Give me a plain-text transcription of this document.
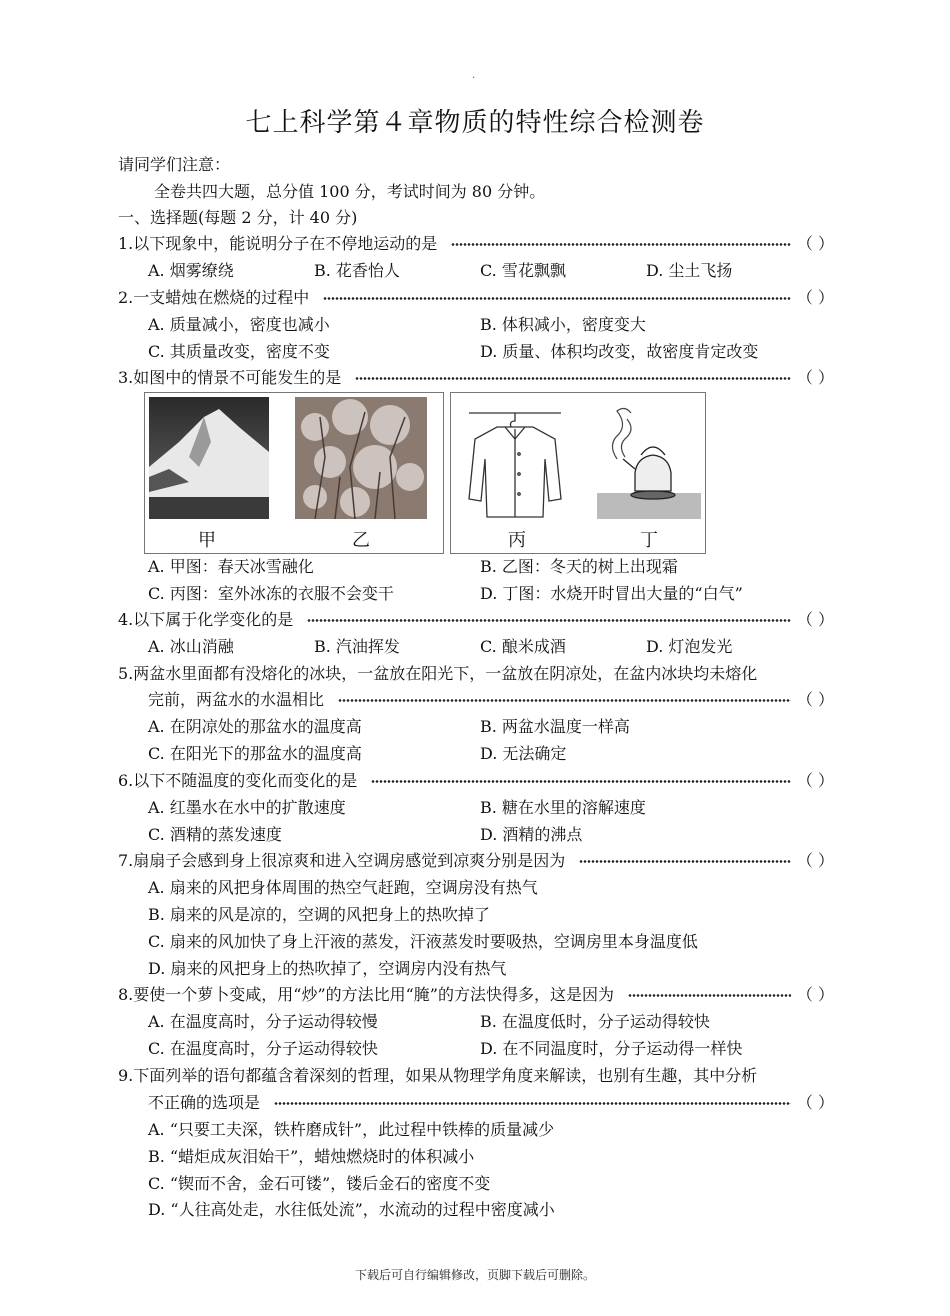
.
七上科学第４章物质的特性综合检测卷
请同学们注意：
全卷共四大题，总分值 100 分，考试时间为 80 分钟。
一、选择题(每题 2 分，计 40 分)
1.以下现象中，能说明分子在不停地运动的是	（ ）
A. 烟雾缭绕	B. 花香怡人	C. 雪花飘飘	D. 尘土飞扬
2.一支蜡烛在燃烧的过程中	（ ）
A. 质量减小，密度也减小	B. 体积减小，密度变大
C. 其质量改变，密度不变	D. 质量、体积均改变，故密度肯定改变
3.如图中的情景不可能发生的是	（ ）
甲	乙	丙	丁
A. 甲图：春天冰雪融化	B. 乙图：冬天的树上出现霜
C. 丙图：室外冰冻的衣服不会变干	D. 丁图：水烧开时冒出大量的“白气”
4.以下属于化学变化的是	（ ）
A. 冰山消融	B. 汽油挥发	C. 酿米成酒	D. 灯泡发光
5.两盆水里面都有没熔化的冰块，一盆放在阳光下，一盆放在阴凉处，在盆内冰块均未熔化
完前，两盆水的水温相比	（ ）
A. 在阴凉处的那盆水的温度高	B. 两盆水温度一样高
C. 在阳光下的那盆水的温度高	D. 无法确定
6.以下不随温度的变化而变化的是	（ ）
A. 红墨水在水中的扩散速度	B. 糖在水里的溶解速度
C. 酒精的蒸发速度	D. 酒精的沸点
7.扇扇子会感到身上很凉爽和进入空调房感觉到凉爽分别是因为	（ ）
A. 扇来的风把身体周围的热空气赶跑，空调房没有热气
B. 扇来的风是凉的，空调的风把身上的热吹掉了
C. 扇来的风加快了身上汗液的蒸发，汗液蒸发时要吸热，空调房里本身温度低
D. 扇来的风把身上的热吹掉了，空调房内没有热气
8.要使一个萝卜变咸，用“炒”的方法比用“腌”的方法快得多，这是因为	（ ）
A. 在温度高时，分子运动得较慢	B. 在温度低时，分子运动得较快
C. 在温度高时，分子运动得较快	D. 在不同温度时，分子运动得一样快
9.下面列举的语句都蕴含着深刻的哲理，如果从物理学角度来解读，也别有生趣，其中分析
不正确的选项是	（ ）
A. “只要工夫深，铁杵磨成针”，此过程中铁棒的质量减少
B. “蜡炬成灰泪始干”，蜡烛燃烧时的体积减小
C. “锲而不舍，金石可镂”，镂后金石的密度不变
D. “人往高处走，水往低处流”，水流动的过程中密度减小
下载后可自行编辑修改，页脚下载后可删除。
